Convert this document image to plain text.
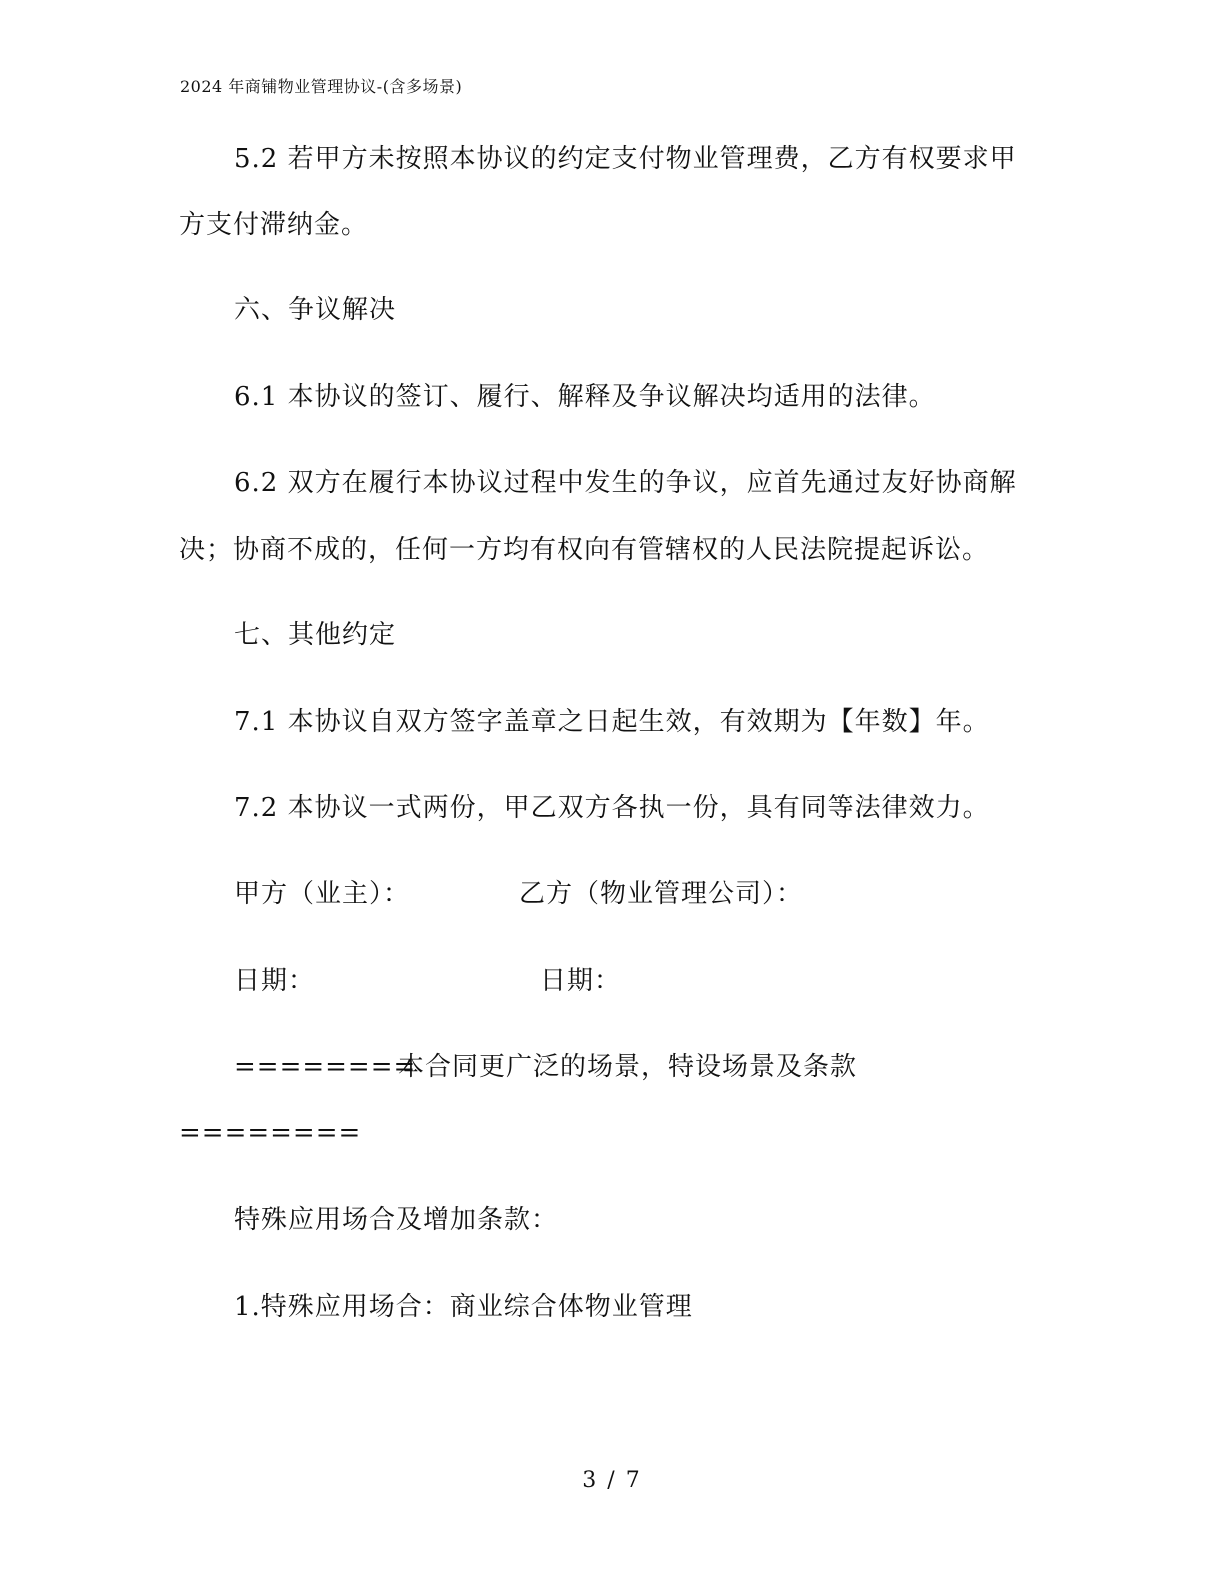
2024 年商铺物业管理协议-(含多场景)
5.2 若甲方未按照本协议的约定支付物业管理费，乙方有权要求甲
方支付滞纳金。
六、争议解决
6.1 本协议的签订、履行、解释及争议解决均适用的法律。
6.2 双方在履行本协议过程中发生的争议，应首先通过友好协商解
决；协商不成的，任何一方均有权向有管辖权的人民法院提起诉讼。
七、其他约定
7.1 本协议自双方签字盖章之日起生效，有效期为【年数】年。
7.2 本协议一式两份，甲乙双方各执一份，具有同等法律效力。
甲方（业主）：	乙方（物业管理公司）：
日期：	日期：
========
本合同更广泛的场景，特设场景及条款
========
特殊应用场合及增加条款：
1.特殊应用场合：商业综合体物业管理
3 / 7
